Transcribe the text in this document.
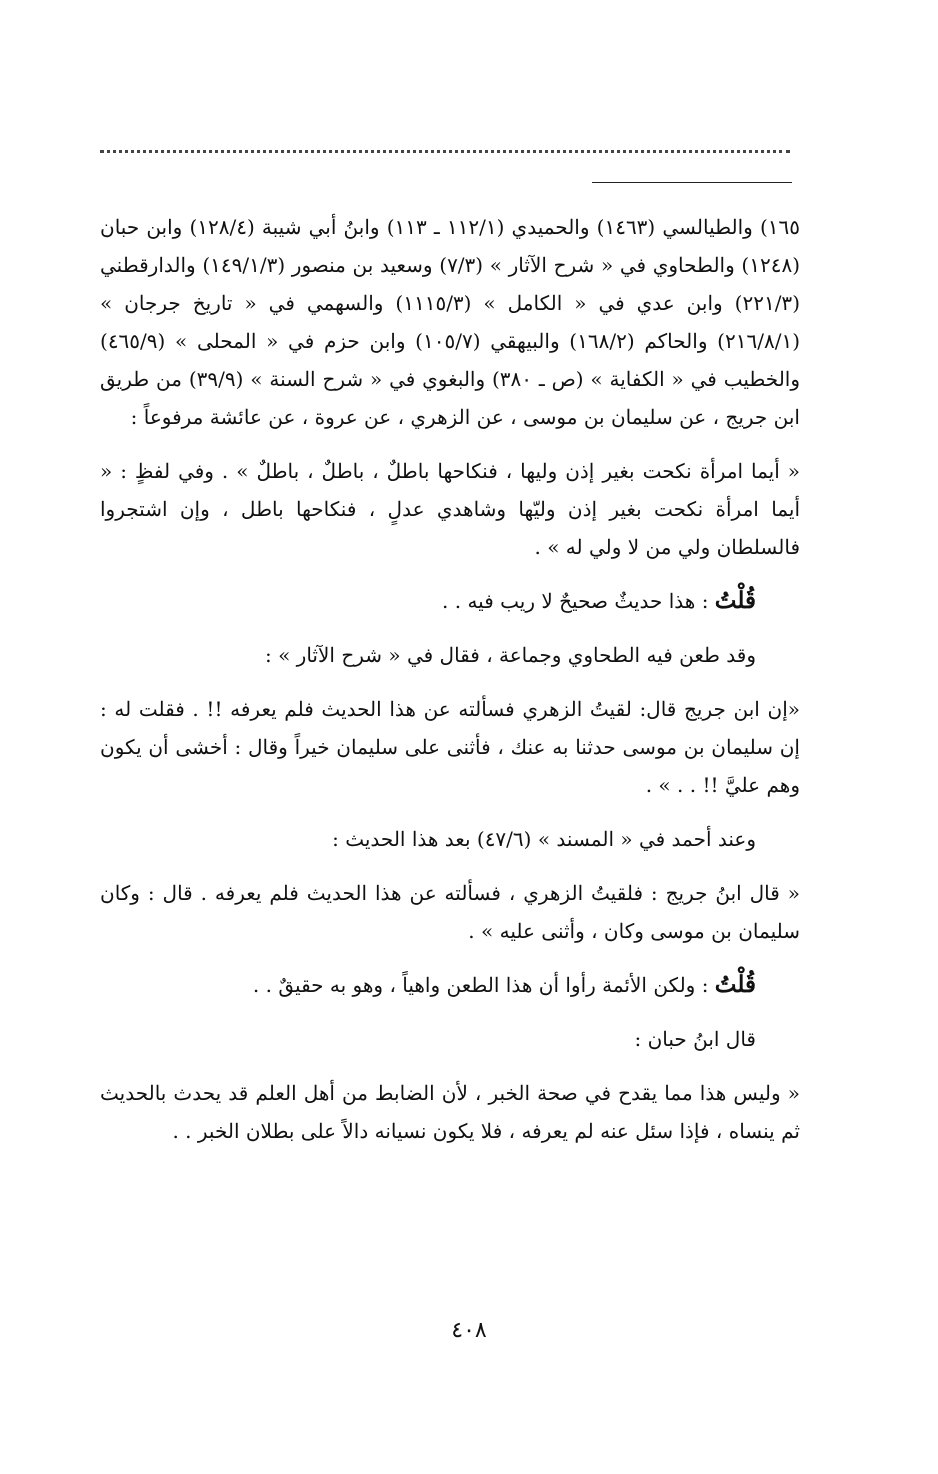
١٦٥) والطيالسي (١٤٦٣) والحميدي (١١٢/١ ـ ١١٣) وابنُ أبي شيبة (١٢٨/٤) وابن حبان (١٢٤٨) والطحاوي في « شرح الآثار » (٧/٣) وسعيد بن منصور (١٤٩/١/٣) والدارقطني (٢٢١/٣) وابن عدي في « الكامل » (١١١٥/٣) والسهمي في « تاريخ جرجان » (٢١٦/٨/١) والحاكم (١٦٨/٢) والبيهقي (١٠٥/٧) وابن حزم في « المحلى » (٤٦٥/٩) والخطيب في « الكفاية » (ص ـ ٣٨٠) والبغوي في « شرح السنة » (٣٩/٩) من طريق ابن جريج ، عن سليمان بن موسى ، عن الزهري ، عن عروة ، عن عائشة مرفوعاً :

« أيما امرأة نكحت بغير إذن وليها ، فنكاحها باطلٌ ، باطلٌ ، باطلٌ » . وفي لفظٍ : « أيما امرأة نكحت بغير إذن وليّها وشاهدي عدلٍ ، فنكاحها باطل ، وإن اشتجروا فالسلطان ولي من لا ولي له » .

قُلْتُ : هذا حديثٌ صحيحٌ لا ريب فيه . .

وقد طعن فيه الطحاوي وجماعة ، فقال في « شرح الآثار » :

«إن ابن جريج قال: لقيتُ الزهري فسألته عن هذا الحديث فلم يعرفه !! . فقلت له : إن سليمان بن موسى حدثنا به عنك ، فأثنى على سليمان خيراً وقال : أخشى أن يكون وهم عليَّ !! . . » .

وعند أحمد في « المسند » (٤٧/٦) بعد هذا الحديث :

« قال ابنُ جريج : فلقيتُ الزهري ، فسألته عن هذا الحديث فلم يعرفه . قال : وكان سليمان بن موسى وكان ، وأثنى عليه » .

قُلْتُ : ولكن الأئمة رأوا أن هذا الطعن واهياً ، وهو به حقيقٌ . .

قال ابنُ حبان :

« وليس هذا مما يقدح في صحة الخبر ، لأن الضابط من أهل العلم قد يحدث بالحديث ثم ينساه ، فإذا سئل عنه لم يعرفه ، فلا يكون نسيانه دالاً على بطلان الخبر . .

٤٠٨
